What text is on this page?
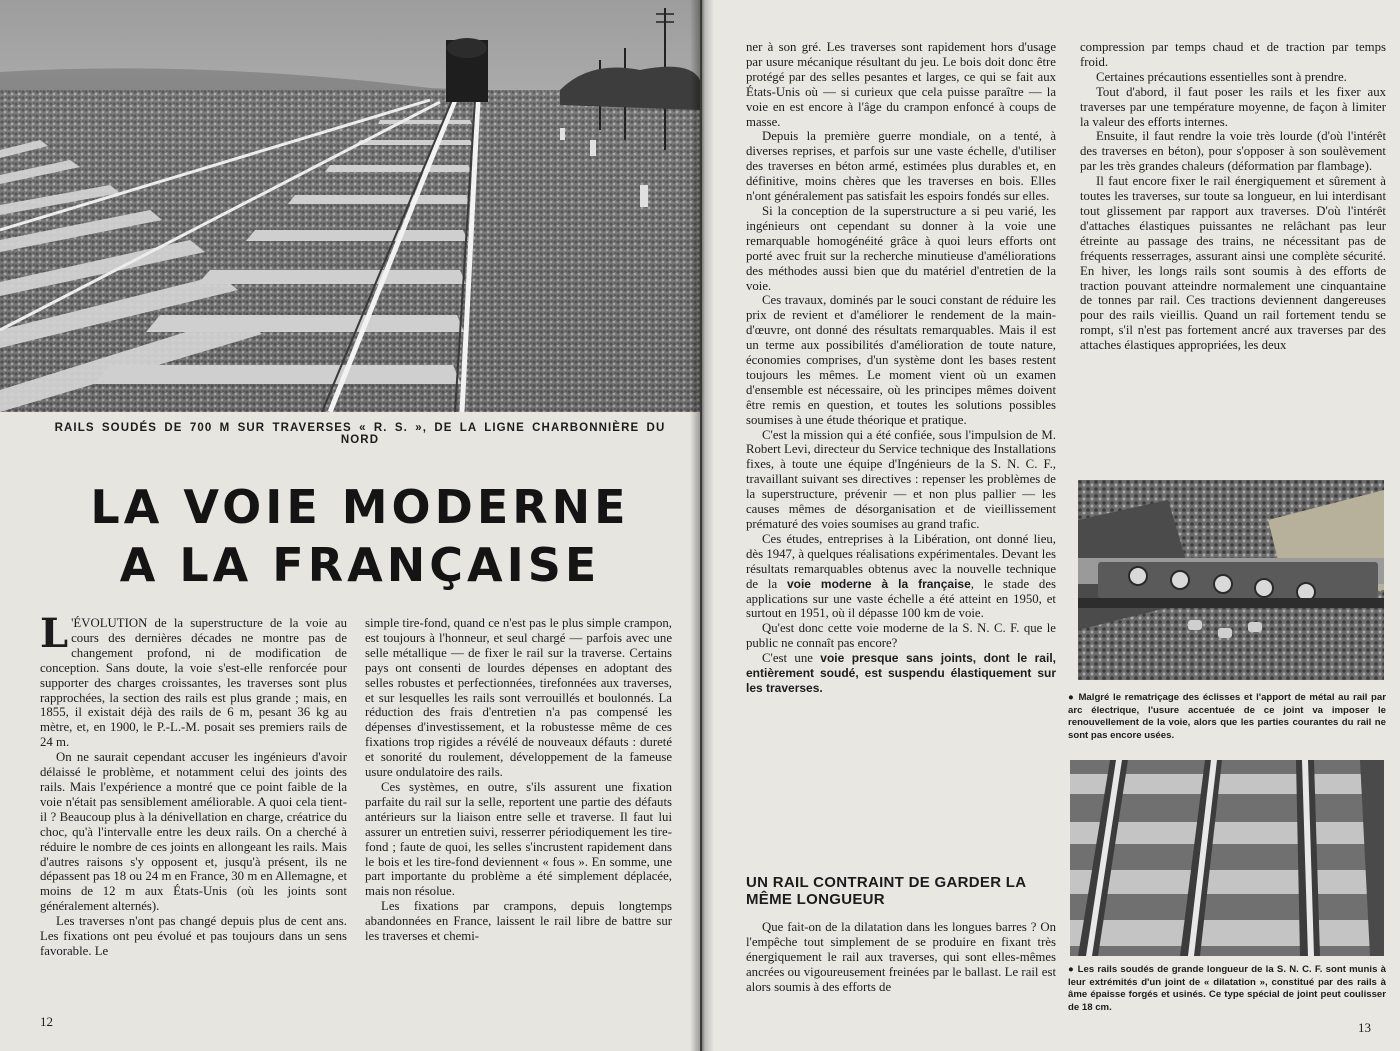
RAILS SOUDÉS DE 700 M SUR TRAVERSES « R. S. », DE LA LIGNE CHARBONNIÈRE DU NORD
LA VOIE MODERNE
A LA FRANÇAISE

L 'ÉVOLUTION de la superstructure de la voie au cours des dernières décades ne montre pas de changement profond, ni de modification de conception. Sans doute, la voie s'est-elle renforcée pour supporter des charges croissantes, les traverses sont plus rapprochées, la section des rails est plus grande ; mais, en 1855, il existait déjà des rails de 6 m, pesant 36 kg au mètre, et, en 1900, le P.-L.-M. posait ses premiers rails de 24 m.

On ne saurait cependant accuser les ingénieurs d'avoir délaissé le problème, et notamment celui des joints des rails. Mais l'expérience a montré que ce point faible de la voie n'était pas sensiblement améliorable. A quoi cela tient-il ? Beaucoup plus à la dénivellation en charge, créatrice du choc, qu'à l'intervalle entre les deux rails. On a cherché à réduire le nombre de ces joints en allongeant les rails. Mais d'autres raisons s'y opposent et, jusqu'à présent, ils ne dépassent pas 18 ou 24 m en France, 30 m en Allemagne, et moins de 12 m aux États-Unis (où les joints sont généralement alternés).

Les traverses n'ont pas changé depuis plus de cent ans. Les fixations ont peu évolué et pas toujours dans un sens favorable. Le

simple tire-fond, quand ce n'est pas le plus simple crampon, est toujours à l'honneur, et seul chargé — parfois avec une selle métallique — de fixer le rail sur la traverse. Certains pays ont consenti de lourdes dépenses en adoptant des selles robustes et perfectionnées, tirefonnées aux traverses, et sur lesquelles les rails sont verrouillés et boulonnés. La réduction des frais d'entretien n'a pas compensé les dépenses d'investissement, et la robustesse même de ces fixations trop rigides a révélé de nouveaux défauts : dureté et sonorité du roulement, développement de la fameuse usure ondulatoire des rails.

Ces systèmes, en outre, s'ils assurent une fixation parfaite du rail sur la selle, reportent une partie des défauts antérieurs sur la liaison entre selle et traverse. Il faut lui assurer un entretien suivi, resserrer périodiquement les tire-fond ; faute de quoi, les selles s'incrustent rapidement dans le bois et les tire-fond deviennent « fous ». En somme, une part importante du problème a été simplement déplacée, mais non résolue.

Les fixations par crampons, depuis longtemps abandonnées en France, laissent le rail libre de battre sur les traverses et chemi-

12

ner à son gré. Les traverses sont rapidement hors d'usage par usure mécanique résultant du jeu. Le bois doit donc être protégé par des selles pesantes et larges, ce qui se fait aux États-Unis où — si curieux que cela puisse paraître — la voie en est encore à l'âge du crampon enfoncé à coups de masse.

Depuis la première guerre mondiale, on a tenté, à diverses reprises, et parfois sur une vaste échelle, d'utiliser des traverses en béton armé, estimées plus durables et, en définitive, moins chères que les traverses en bois. Elles n'ont généralement pas satisfait les espoirs fondés sur elles.

Si la conception de la superstructure a si peu varié, les ingénieurs ont cependant su donner à la voie une remarquable homogénéité grâce à quoi leurs efforts ont porté avec fruit sur la recherche minutieuse d'améliorations des méthodes aussi bien que du matériel d'entretien de la voie.

Ces travaux, dominés par le souci constant de réduire les prix de revient et d'améliorer le rendement de la main-d'œuvre, ont donné des résultats remarquables. Mais il est un terme aux possibilités d'amélioration de toute nature, économies comprises, d'un système dont les bases restent toujours les mêmes. Le moment vient où un examen d'ensemble est nécessaire, où les principes mêmes doivent être remis en question, et toutes les solutions possibles soumises à une étude théorique et pratique.

C'est la mission qui a été confiée, sous l'impulsion de M. Robert Levi, directeur du Service technique des Installations fixes, à toute une équipe d'Ingénieurs de la S. N. C. F., travaillant suivant ses directives : repenser les problèmes de la superstructure, prévenir — et non plus pallier — les causes mêmes de désorganisation et de vieillissement prématuré des voies soumises au grand trafic.

Ces études, entreprises à la Libération, ont donné lieu, dès 1947, à quelques réalisations expérimentales. Devant les résultats remarquables obtenus avec la nouvelle technique de la voie moderne à la française, le stade des applications sur une vaste échelle a été atteint en 1950, et surtout en 1951, où il dépasse 100 km de voie.

Qu'est donc cette voie moderne de la S. N. C. F. que le public ne connaît pas encore?

C'est une voie presque sans joints, dont le rail, entièrement soudé, est suspendu élastiquement sur les traverses.

UN RAIL CONTRAINT DE GARDER LA MÊME LONGUEUR

Que fait-on de la dilatation dans les longues barres ? On l'empêche tout simplement de se produire en fixant très énergiquement le rail aux traverses, qui sont elles-mêmes ancrées ou vigoureusement freinées par le ballast. Le rail est alors soumis à des efforts de

compression par temps chaud et de traction par temps froid.

Certaines précautions essentielles sont à prendre.

Tout d'abord, il faut poser les rails et les fixer aux traverses par une température moyenne, de façon à limiter la valeur des efforts internes.

Ensuite, il faut rendre la voie très lourde (d'où l'intérêt des traverses en béton), pour s'opposer à son soulèvement par les très grandes chaleurs (déformation par flambage).

Il faut encore fixer le rail énergiquement et sûrement à toutes les traverses, sur toute sa longueur, en lui interdisant tout glissement par rapport aux traverses. D'où l'intérêt d'attaches élastiques puissantes ne relâchant pas leur étreinte au passage des trains, ne nécessitant pas de fréquents resserrages, assurant ainsi une complète sécurité. En hiver, les longs rails sont soumis à des efforts de traction pouvant atteindre normalement une cinquantaine de tonnes par rail. Ces tractions deviennent dangereuses pour des rails vieillis. Quand un rail fortement tendu se rompt, s'il n'est pas fortement ancré aux traverses par des attaches élastiques appropriées, les deux

● Malgré le rematriçage des éclisses et l'apport de métal au rail par arc électrique, l'usure accentuée de ce joint va imposer le renouvellement de la voie, alors que les parties courantes du rail ne sont pas encore usées.
● Les rails soudés de grande longueur de la S. N. C. F. sont munis à leur extrémités d'un joint de « dilatation », constitué par des rails à âme épaisse forgés et usinés. Ce type spécial de joint peut coulisser de 18 cm.
13
